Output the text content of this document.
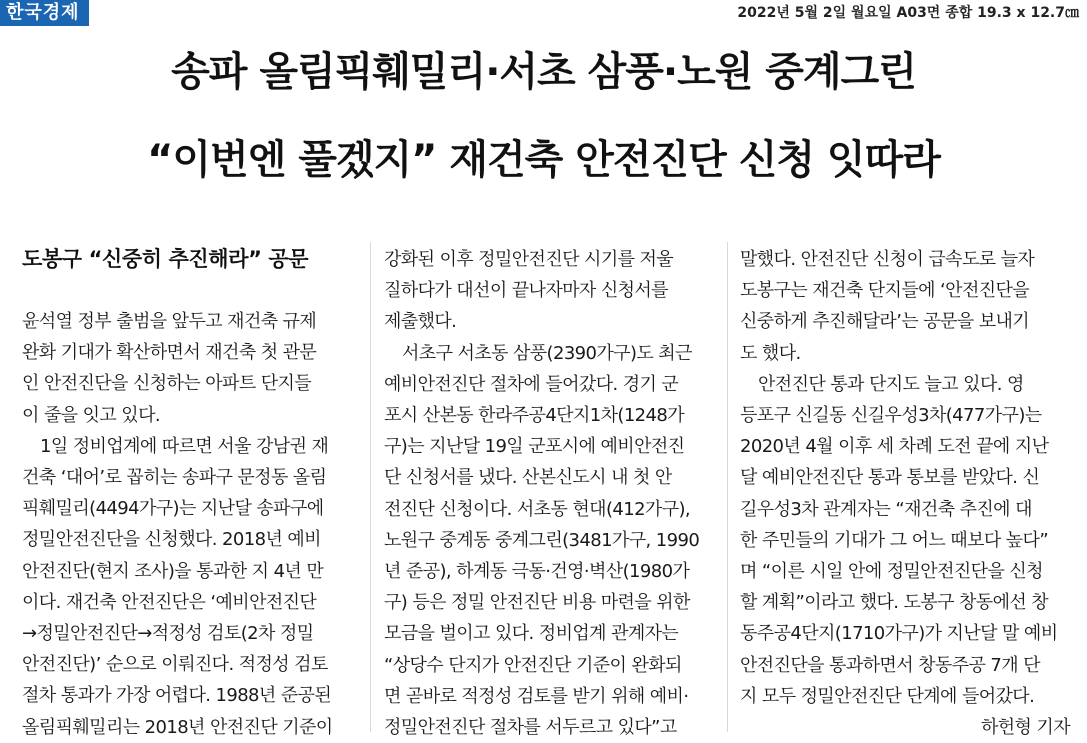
한국경제	2022년 5월 2일 월요일 A03면 종합 19.3 x 12.7㎝
송파 올림픽훼밀리·서초 삼풍·노원 중계그린
“이번엔 풀겠지” 재건축 안전진단 신청 잇따라
도봉구 “신중히 추진해라” 공문

윤석열 정부 출범을 앞두고 재건축 규제

완화 기대가 확산하면서 재건축 첫 관문

인 안전진단을 신청하는 아파트 단지들

이 줄을 잇고 있다.

1일 정비업계에 따르면 서울 강남권 재

건축 ‘대어’로 꼽히는 송파구 문정동 올림

픽훼밀리(4494가구)는 지난달 송파구에

정밀안전진단을 신청했다. 2018년 예비

안전진단(현지 조사)을 통과한 지 4년 만

이다. 재건축 안전진단은 ‘예비안전진단

→정밀안전진단→적정성 검토(2차 정밀

안전진단)’ 순으로 이뤄진다. 적정성 검토

절차 통과가 가장 어렵다. 1988년 준공된

올림픽훼밀리는 2018년 안전진단 기준이

강화된 이후 정밀안전진단 시기를 저울

질하다가 대선이 끝나자마자 신청서를

제출했다.

서초구 서초동 삼풍(2390가구)도 최근

예비안전진단 절차에 들어갔다. 경기 군

포시 산본동 한라주공4단지1차(1248가

구)는 지난달 19일 군포시에 예비안전진

단 신청서를 냈다. 산본신도시 내 첫 안

전진단 신청이다. 서초동 현대(412가구),

노원구 중계동 중계그린(3481가구, 1990

년 준공), 하계동 극동·건영·벽산(1980가

구) 등은 정밀 안전진단 비용 마련을 위한

모금을 벌이고 있다. 정비업계 관계자는

“상당수 단지가 안전진단 기준이 완화되

면 곧바로 적정성 검토를 받기 위해 예비·

정밀안전진단 절차를 서두르고 있다”고

말했다. 안전진단 신청이 급속도로 늘자

도봉구는 재건축 단지들에 ‘안전진단을

신중하게 추진해달라’는 공문을 보내기

도 했다.

안전진단 통과 단지도 늘고 있다. 영

등포구 신길동 신길우성3차(477가구)는

2020년 4월 이후 세 차례 도전 끝에 지난

달 예비안전진단 통과 통보를 받았다. 신

길우성3차 관계자는 “재건축 추진에 대

한 주민들의 기대가 그 어느 때보다 높다”

며 “이른 시일 안에 정밀안전진단을 신청

할 계획”이라고 했다. 도봉구 창동에선 창

동주공4단지(1710가구)가 지난달 말 예비

안전진단을 통과하면서 창동주공 7개 단

지 모두 정밀안전진단 단계에 들어갔다.

하헌형 기자
